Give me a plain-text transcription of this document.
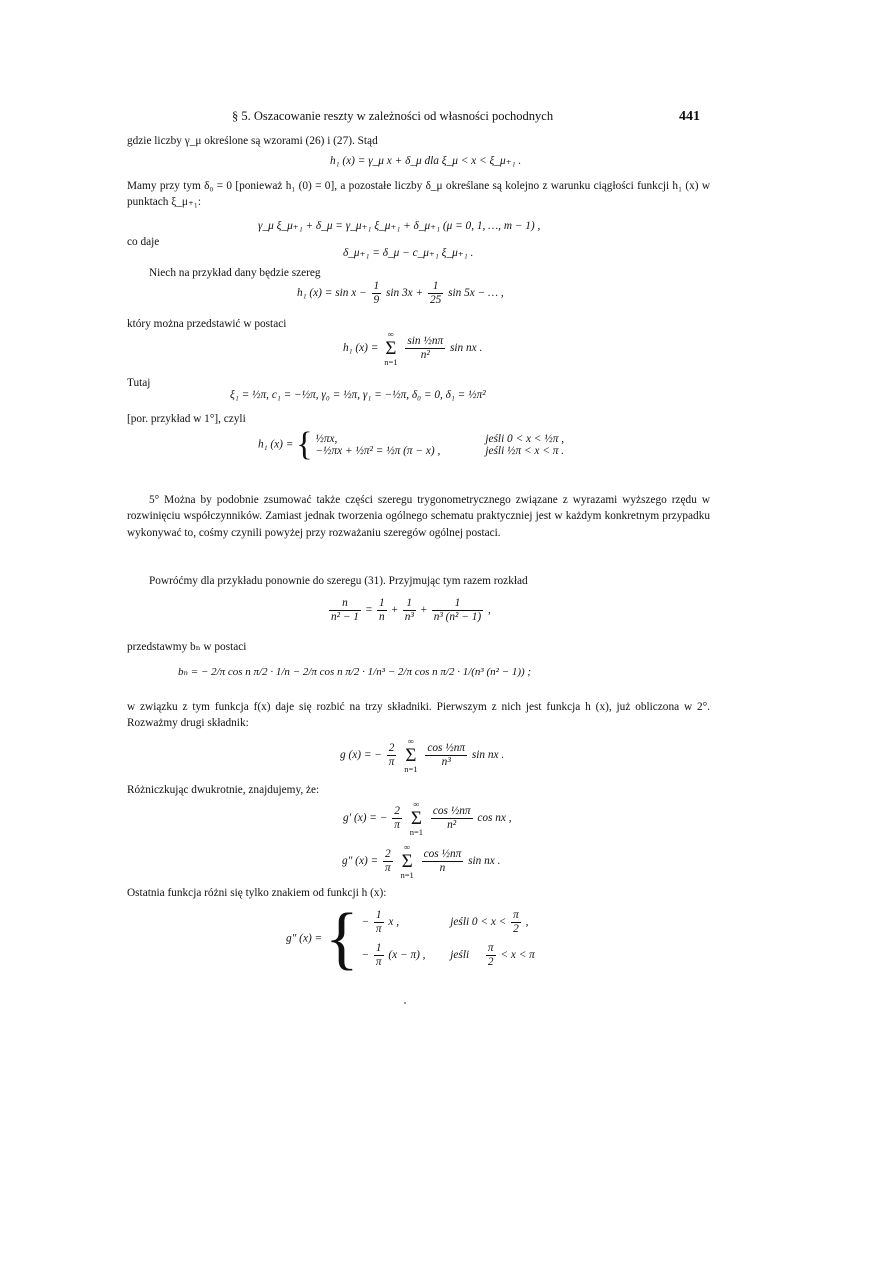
§ 5. Oszacowanie reszty w zależności od własności pochodnych	441
gdzie liczby γ_μ określone są wzorami (26) i (27). Stąd
h₁ (x) = γ_μ x + δ_μ dla ξ_μ < x < ξ_μ₊₁ .
Mamy przy tym δ₀ = 0 [ponieważ h₁ (0) = 0], a pozostałe liczby δ_μ określane są kolejno z warunku ciągłości funkcji h₁ (x) w punktach ξ_μ₊₁:
γ_μ ξ_μ₊₁ + δ_μ = γ_μ₊₁ ξ_μ₊₁ + δ_μ₊₁ (μ = 0, 1, …, m − 1) ,
co daje
δ_μ₊₁ = δ_μ − c_μ₊₁ ξ_μ₊₁ .
Niech na przykład dany będzie szereg
h₁ $(x) = \sin x - \frac{1}{9}$ $\sin 3x + \frac{1}{25}$ sin 5x − … ,
który można przedstawić w postaci
h₁ (x) =
∞
Σ
n=1
$\frac{\text{sin ½nπ}}{\text{n²}}$ sin nx .
Tutaj
ξ₁ = ½π, c₁ = −½π, γ₀ = ½π, γ₁ = −½π, δ₀ = 0, δ₁ = ½π²
[por. przykład w 1°], czyli
h₁ (x) = { ½πx,	jeśli 0 < x < ½π ,
−½πx + ½π² = ½π (π − x) ,	jeśli ½π < x < π .
5° Można by podobnie zsumować także części szeregu trygonometrycznego związane z wyrazami wyższego rzędu w rozwinięciu współczynników. Zamiast jednak tworzenia ogólnego schematu praktyczniej jest w każdym konkretnym przypadku wykonywać to, cośmy czynili powyżej przy rozważaniu szeregów ogólnej postaci.
Powróćmy dla przykładu ponownie do szeregu (31). Przyjmując tym razem rozkład
$\frac{n}{\text{n² − 1}} = \frac{1}{n} + \frac{1}{\text{n³}} + \frac{1}{\text{n³ (n² − 1)}}$ ,
przedstawmy bₙ w postaci
bₙ = − 2/π cos n π/2 · 1/n − 2/π cos n π/2 · 1/n³ − 2/π cos n π/2 · 1/(n³ (n² − 1)) ;
w związku z tym funkcja f(x) daje się rozbić na trzy składniki. Pierwszym z nich jest funkcja h (x), już obliczona w 2°. Rozważmy drugi składnik:
g (x) = − $\frac{2}{\pi}$

∞
Σ
n=1
$\frac{\text{cos ½nπ}}{\text{n³}}$ sin nx .
Różniczkując dwukrotnie, znajdujemy, że:
g′ (x) = − $\frac{2}{\pi}$

∞
Σ
n=1
$\frac{\text{cos ½nπ}}{\text{n²}}$ cos nx ,
g″ $(x) = \frac{2}{\pi}$

∞
Σ
n=1
$\frac{\text{cos ½nπ}}{n}$ sin nx .
Ostatnia funkcja różni się tylko znakiem od funkcji h (x):
g″ (x) = { − $\frac{1}{\pi}$ x ,	jeśli $0 < x < \frac{\pi}{2}$ ,
− $\frac{1}{\pi} (x - \pi)$ , jeśli $\frac{\pi}{2} < x < \pi$
